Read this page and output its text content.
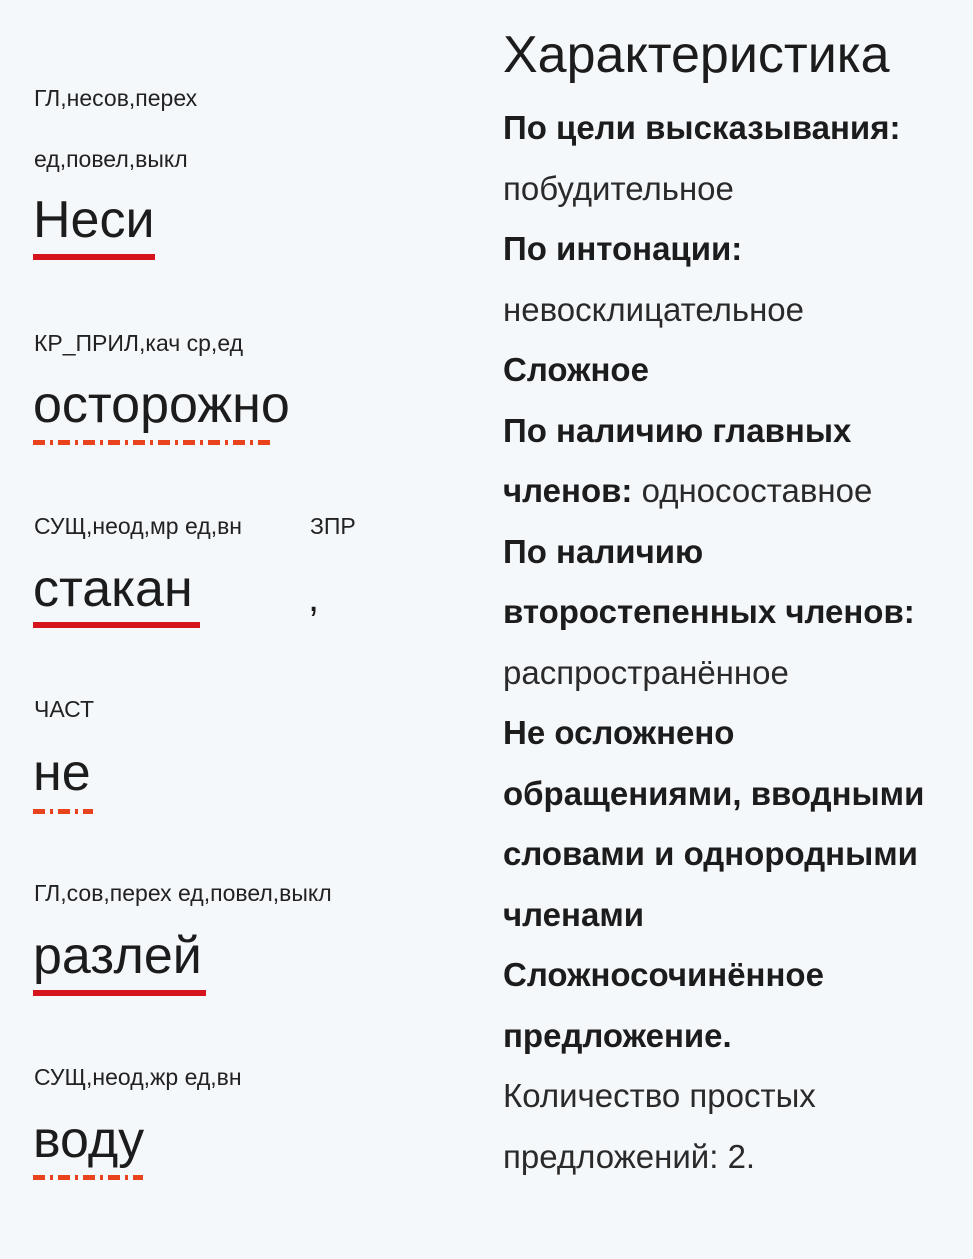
ГЛ,несов,перех
ед,повел,выкл
Неси
КР_ПРИЛ,кач ср,ед
осторожно
СУЩ,неод,мр ед,вн
стакан
ЗПР
,
ЧАСТ
не
ГЛ,сов,перех ед,повел,выкл
разлей
СУЩ,неод,жр ед,вн
воду
Характеристика
По цели высказывания: побудительное
По интонации: невосклицательное
Сложное
По наличию главных членов: односоставное
По наличию второстепенных членов: распространённое
Не осложнено обращениями, вводными словами и однородными членами
Сложносочинённое предложение.
Количество простых предложений: 2.
